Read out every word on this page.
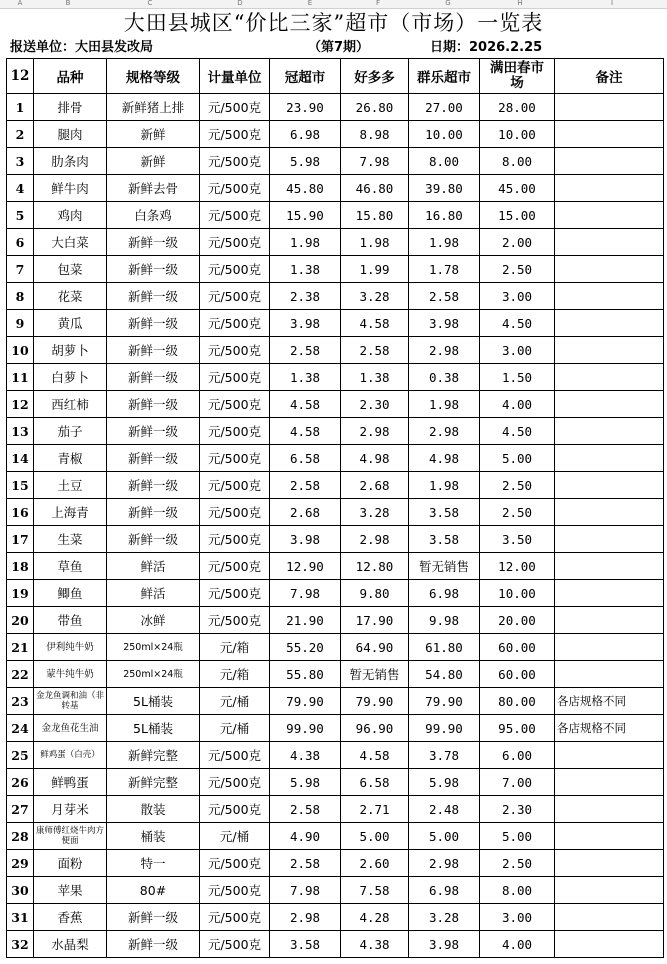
A	B	C	D	E	F	G	H	I
大田县城区“价比三家”超市（市场）一览表
报送单位：大田县发改局	（第7期）	日期：2026.2.25
12	品种	规格等级	计量单位	冠超市	好多多	群乐超市	满田春市场	备注
1	排骨	新鲜猪上排	元/500克	23.90	26.80	27.00	28.00	
2	腿肉	新鲜	元/500克	6.98	8.98	10.00	10.00	
3	肋条肉	新鲜	元/500克	5.98	7.98	8.00	8.00	
4	鲜牛肉	新鲜去骨	元/500克	45.80	46.80	39.80	45.00	
5	鸡肉	白条鸡	元/500克	15.90	15.80	16.80	15.00	
6	大白菜	新鲜一级	元/500克	1.98	1.98	1.98	2.00	
7	包菜	新鲜一级	元/500克	1.38	1.99	1.78	2.50	
8	花菜	新鲜一级	元/500克	2.38	3.28	2.58	3.00	
9	黄瓜	新鲜一级	元/500克	3.98	4.58	3.98	4.50	
10	胡萝卜	新鲜一级	元/500克	2.58	2.58	2.98	3.00	
11	白萝卜	新鲜一级	元/500克	1.38	1.38	0.38	1.50	
12	西红柿	新鲜一级	元/500克	4.58	2.30	1.98	4.00	
13	茄子	新鲜一级	元/500克	4.58	2.98	2.98	4.50	
14	青椒	新鲜一级	元/500克	6.58	4.98	4.98	5.00	
15	土豆	新鲜一级	元/500克	2.58	2.68	1.98	2.50	
16	上海青	新鲜一级	元/500克	2.68	3.28	3.58	2.50	
17	生菜	新鲜一级	元/500克	3.98	2.98	3.58	3.50	
18	草鱼	鲜活	元/500克	12.90	12.80	暂无销售	12.00	
19	鲫鱼	鲜活	元/500克	7.98	9.80	6.98	10.00	
20	带鱼	冰鲜	元/500克	21.90	17.90	9.98	20.00	
21	伊利纯牛奶	250ml×24瓶	元/箱	55.20	64.90	61.80	60.00	
22	蒙牛纯牛奶	250ml×24瓶	元/箱	55.80	暂无销售	54.80	60.00	
23	金龙鱼调和油（非转基	5L桶装	元/桶	79.90	79.90	79.90	80.00	各店规格不同
24	金龙鱼花生油	5L桶装	元/桶	99.90	96.90	99.90	95.00	各店规格不同
25	鲜鸡蛋（白壳）	新鲜完整	元/500克	4.38	4.58	3.78	6.00	
26	鲜鸭蛋	新鲜完整	元/500克	5.98	6.58	5.98	7.00	
27	月芽米	散装	元/500克	2.58	2.71	2.48	2.30	
28	康师傅红烧牛肉方便面	桶装	元/桶	4.90	5.00	5.00	5.00	
29	面粉	特一	元/500克	2.58	2.60	2.98	2.50	
30	苹果	80#	元/500克	7.98	7.58	6.98	8.00	
31	香蕉	新鲜一级	元/500克	2.98	4.28	3.28	3.00	
32	水晶梨	新鲜一级	元/500克	3.58	4.38	3.98	4.00	
